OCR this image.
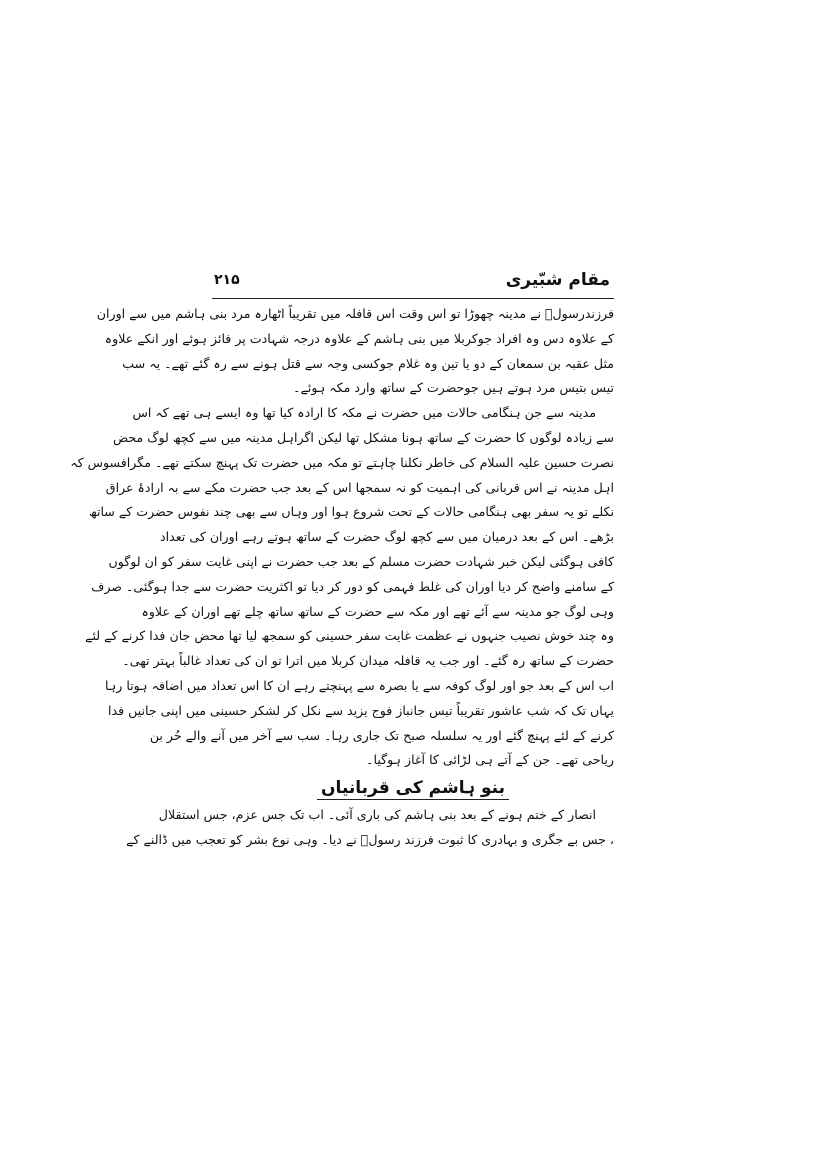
مقام شبّیری
۲۱۵
فرزندرسولؐ نے مدینہ چھوڑا تو اس وقت اس قافلہ میں تقریباً اٹھارہ مرد بنی ہاشم میں سے اوران
کے علاوہ دس وہ افراد جوکربلا میں بنی ہاشم کے علاوہ درجہ شہادت پر فائز ہوئے اور انکے علاوہ
مثل عقبہ بن سمعان کے دو یا تین وہ غلام جوکسی وجہ سے قتل ہونے سے رہ گئے تھے۔ یہ سب
تیس بتیس مرد ہوتے ہیں جوحضرت کے ساتھ وارد مکہ ہوئے۔
مدینہ سے جن ہنگامی حالات میں حضرت نے مکہ کا ارادہ کیا تھا وہ ایسے ہی تھے کہ اس
سے زیادہ لوگوں کا حضرت کے ساتھ ہونا مشکل تھا لیکن اگراہل مدینہ میں سے کچھ لوگ محض
نصرت حسین علیہ السلام کی خاطر نکلنا چاہتے تو مکہ میں حضرت تک پہنچ سکتے تھے۔ مگرافسوس کہ
اہل مدینہ نے اس قربانی کی اہمیت کو نہ سمجھا اس کے بعد جب حضرت مکے سے بہ ارادۂ عراق
نکلے تو یہ سفر بھی ہنگامی حالات کے تحت شروع ہوا اور وہاں سے بھی چند نفوس حضرت کے ساتھ
بڑھے۔ اس کے بعد درمیان میں سے کچھ لوگ حضرت کے ساتھ ہوتے رہے اوران کی تعداد
کافی ہوگئی لیکن خبر شہادت حضرت مسلم کے بعد جب حضرت نے اپنی غایت سفر کو ان لوگوں
کے سامنے واضح کر دیا اوران کی غلط فہمی کو دور کر دیا تو اکثریت حضرت سے جدا ہوگئی۔ صرف
وہی لوگ جو مدینہ سے آئے تھے اور مکہ سے حضرت کے ساتھ ساتھ چلے تھے اوران کے علاوہ
وہ چند خوش نصیب جنہوں نے عظمت غایت سفر حسینی کو سمجھ لیا تھا محض جان فدا کرنے کے لئے
حضرت کے ساتھ رہ گئے۔ اور جب یہ قافلہ میدان کربلا میں اترا تو ان کی تعداد غالباً بہتر تھی۔
اب اس کے بعد جو اور لوگ کوفہ سے یا بصرہ سے پہنچتے رہے ان کا اس تعداد میں اضافہ ہوتا رہا
یہاں تک کہ شب عاشور تقریباً تیس جانباز فوج یزید سے نکل کر لشکر حسینی میں اپنی جانیں فدا
کرنے کے لئے پہنچ گئے اور یہ سلسلہ صبح تک جاری رہا۔ سب سے آخر میں آنے والے حُر بن
ریاحی تھے۔ جن کے آتے ہی لڑائی کا آغاز ہوگیا۔
بنو ہاشم کی قربانیاں
انصار کے ختم ہونے کے بعد بنی ہاشم کی باری آئی۔ اب تک جس عزم، جس استقلال
، جس بے جگری و بہادری کا ثبوت فرزند رسولؐ نے دیا۔ وہی نوع بشر کو تعجب میں ڈالنے کے
